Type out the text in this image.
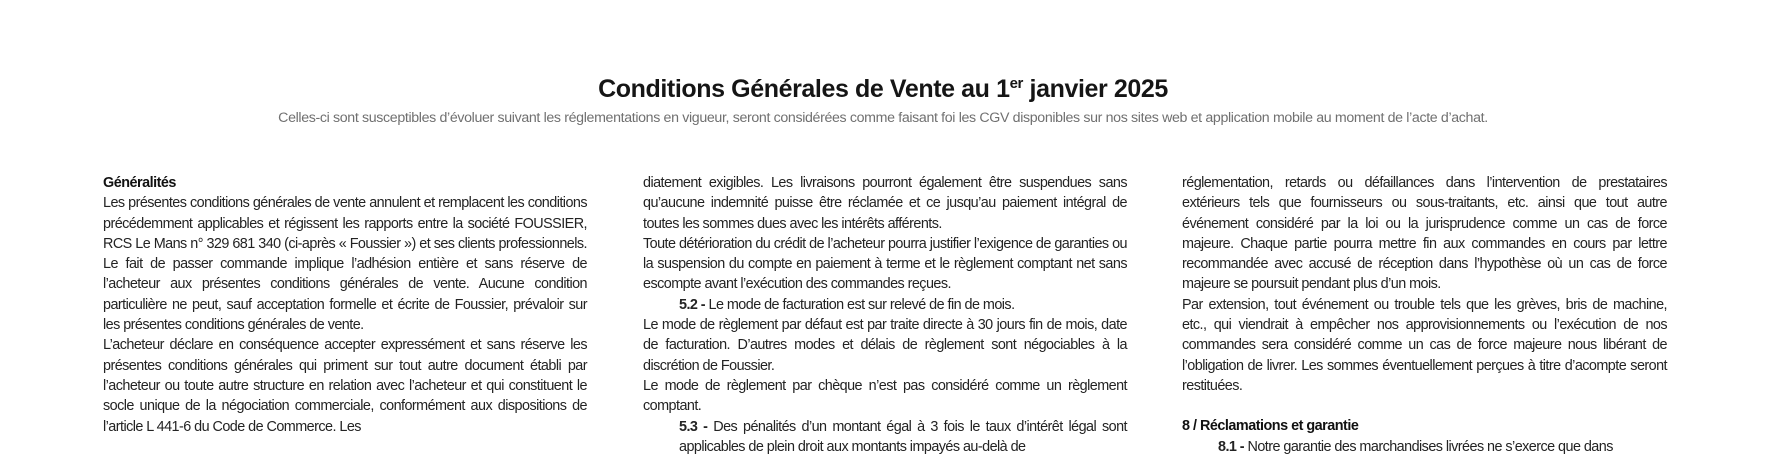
Conditions Générales de Vente au 1er janvier 2025
Celles-ci sont susceptibles d’évoluer suivant les réglementations en vigueur, seront considérées comme faisant foi les CGV disponibles sur nos sites web et application mobile au moment de l’acte d’achat.

Généralités

Les présentes conditions générales de vente annulent et remplacent les conditions précédemment applicables et régissent les rapports entre la société FOUSSIER, RCS Le Mans n° 329 681 340 (ci-après « Foussier ») et ses clients professionnels. Le fait de passer commande implique l’adhésion entière et sans réserve de l’acheteur aux présentes conditions générales de vente. Aucune condition particulière ne peut, sauf acceptation formelle et écrite de Foussier, prévaloir sur les présentes conditions générales de vente.

L’acheteur déclare en conséquence accepter expressément et sans réserve les présentes conditions générales qui priment sur tout autre document établi par l’acheteur ou toute autre structure en relation avec l’acheteur et qui constituent le socle unique de la négociation commerciale, conformément aux dispositions de l’article L 441-6 du Code de Commerce. Les

diatement exigibles. Les livraisons pourront également être suspendues sans qu’aucune indemnité puisse être réclamée et ce jusqu’au paiement intégral de toutes les sommes dues avec les intérêts afférents.

Toute détérioration du crédit de l’acheteur pourra justifier l’exigence de garanties ou la suspension du compte en paiement à terme et le règlement comptant net sans escompte avant l’exécution des commandes reçues.

5.2 - Le mode de facturation est sur relevé de fin de mois.

Le mode de règlement par défaut est par traite directe à 30 jours fin de mois, date de facturation. D’autres modes et délais de règlement sont négociables à la discrétion de Foussier.

Le mode de règlement par chèque n’est pas considéré comme un règlement comptant.

5.3 - Des pénalités d’un montant égal à 3 fois le taux d’intérêt légal sont applicables de plein droit aux montants impayés au-delà de

réglementation, retards ou défaillances dans l’intervention de prestataires extérieurs tels que fournisseurs ou sous-traitants, etc. ainsi que tout autre événement considéré par la loi ou la jurisprudence comme un cas de force majeure. Chaque partie pourra mettre fin aux commandes en cours par lettre recommandée avec accusé de réception dans l’hypothèse où un cas de force majeure se poursuit pendant plus d’un mois.

Par extension, tout événement ou trouble tels que les grèves, bris de machine, etc., qui viendrait à empêcher nos approvisionnements ou l’exécution de nos commandes sera considéré comme un cas de force majeure nous libérant de l’obligation de livrer. Les sommes éventuellement perçues à titre d’acompte seront restituées.

8 / Réclamations et garantie

8.1 - Notre garantie des marchandises livrées ne s’exerce que dans
